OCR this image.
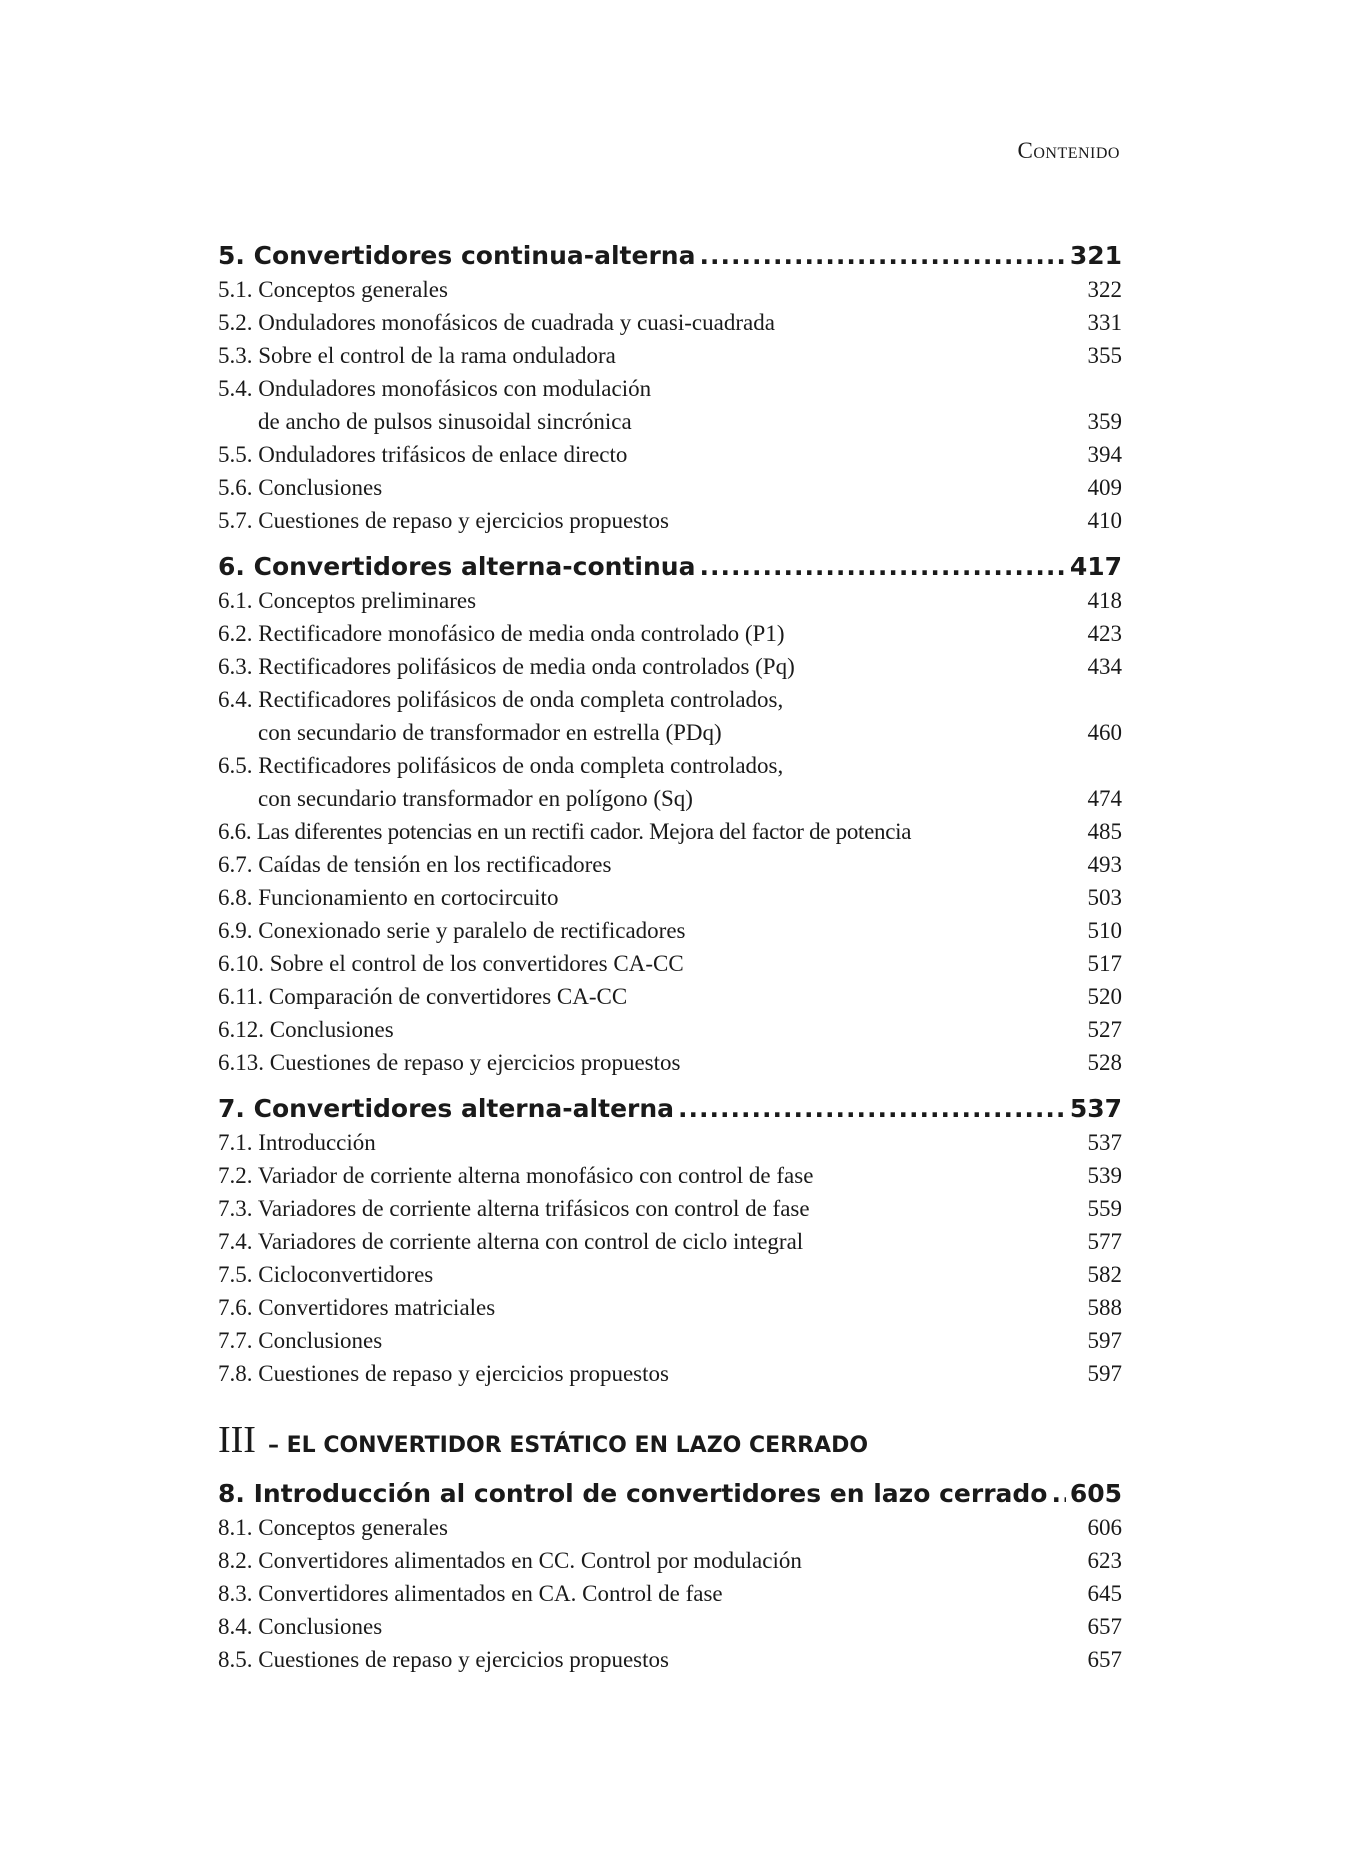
Contenido
5. Convertidores continua-alterna .....	321
5.1. Conceptos generales	322
5.2. Onduladores monofásicos de cuadrada y cuasi-cuadrada	331
5.3. Sobre el control de la rama onduladora	355
5.4. Onduladores monofásicos con modulación
de ancho de pulsos sinusoidal sincrónica	359
5.5. Onduladores trifásicos de enlace directo	394
5.6. Conclusiones	409
5.7. Cuestiones de repaso y ejercicios propuestos	410
6. Convertidores alterna-continua .....	417
6.1. Conceptos preliminares	418
6.2. Rectificadore monofásico de media onda controlado (P1)	423
6.3. Rectificadores polifásicos de media onda controlados (Pq)	434
6.4. Rectificadores polifásicos de onda completa controlados,
con secundario de transformador en estrella (PDq)	460
6.5. Rectificadores polifásicos de onda completa controlados,
con secundario transformador en polígono (Sq)	474
6.6. Las diferentes potencias en un rectifi cador. Mejora del factor de potencia	485
6.7. Caídas de tensión en los rectificadores	493
6.8. Funcionamiento en cortocircuito	503
6.9. Conexionado serie y paralelo de rectificadores	510
6.10. Sobre el control de los convertidores CA-CC	517
6.11. Comparación de convertidores CA-CC	520
6.12. Conclusiones	527
6.13. Cuestiones de repaso y ejercicios propuestos	528
7. Convertidores alterna-alterna .....	537
7.1. Introducción	537
7.2. Variador de corriente alterna monofásico con control de fase	539
7.3. Variadores de corriente alterna trifásicos con control de fase	559
7.4. Variadores de corriente alterna con control de ciclo integral	577
7.5. Cicloconvertidores	582
7.6. Convertidores matriciales	588
7.7. Conclusiones	597
7.8. Cuestiones de repaso y ejercicios propuestos	597
III – EL CONVERTIDOR ESTÁTICO EN LAZO CERRADO
8. Introducción al control de convertidores en lazo cerrado ..... 605
8.1. Conceptos generales	606
8.2. Convertidores alimentados en CC. Control por modulación	623
8.3. Convertidores alimentados en CA. Control de fase	645
8.4. Conclusiones	657
8.5. Cuestiones de repaso y ejercicios propuestos	657
